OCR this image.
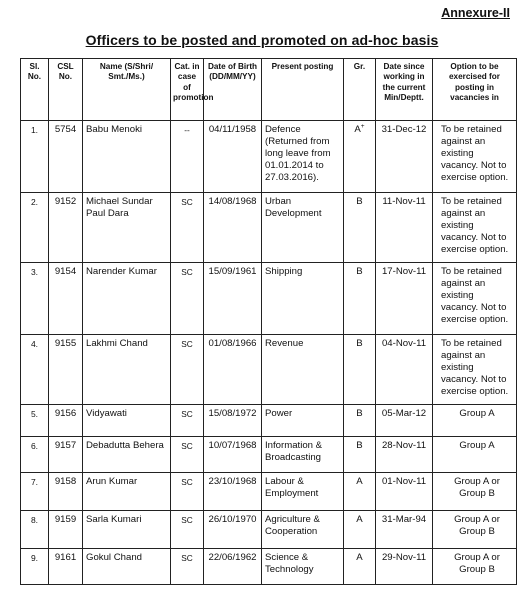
Annexure-II
Officers to be posted and promoted on ad-hoc basis
Sl. No.	CSL No.	Name (S/Shri/ Smt./Ms.)	Cat. in case of promotion	Date of Birth (DD/MM/YY)	Present posting	Gr.	Date since working in the current Min/Deptt.	Option to be exercised for posting in vacancies in
1.	5754	Babu Menoki	--	04/11/1958	Defence (Returned from long leave from 01.01.2014 to 27.03.2016).	A+	31-Dec-12	To be retained against an existing vacancy. Not to exercise option.
2.	9152	Michael Sundar Paul Dara	SC	14/08/1968	Urban Development	B	11-Nov-11	To be retained against an existing vacancy. Not to exercise option.
3.	9154	Narender Kumar	SC	15/09/1961	Shipping	B	17-Nov-11	To be retained against an existing vacancy. Not to exercise option.
4.	9155	Lakhmi Chand	SC	01/08/1966	Revenue	B	04-Nov-11	To be retained against an existing vacancy. Not to exercise option.
5.	9156	Vidyawati	SC	15/08/1972	Power	B	05-Mar-12	Group A
6.	9157	Debadutta Behera	SC	10/07/1968	Information & Broadcasting	B	28-Nov-11	Group A
7.	9158	Arun Kumar	SC	23/10/1968	Labour & Employment	A	01-Nov-11	Group A or Group B
8.	9159	Sarla Kumari	SC	26/10/1970	Agriculture & Cooperation	A	31-Mar-94	Group A or Group B
9.	9161	Gokul Chand	SC	22/06/1962	Science & Technology	A	29-Nov-11	Group A or Group B
